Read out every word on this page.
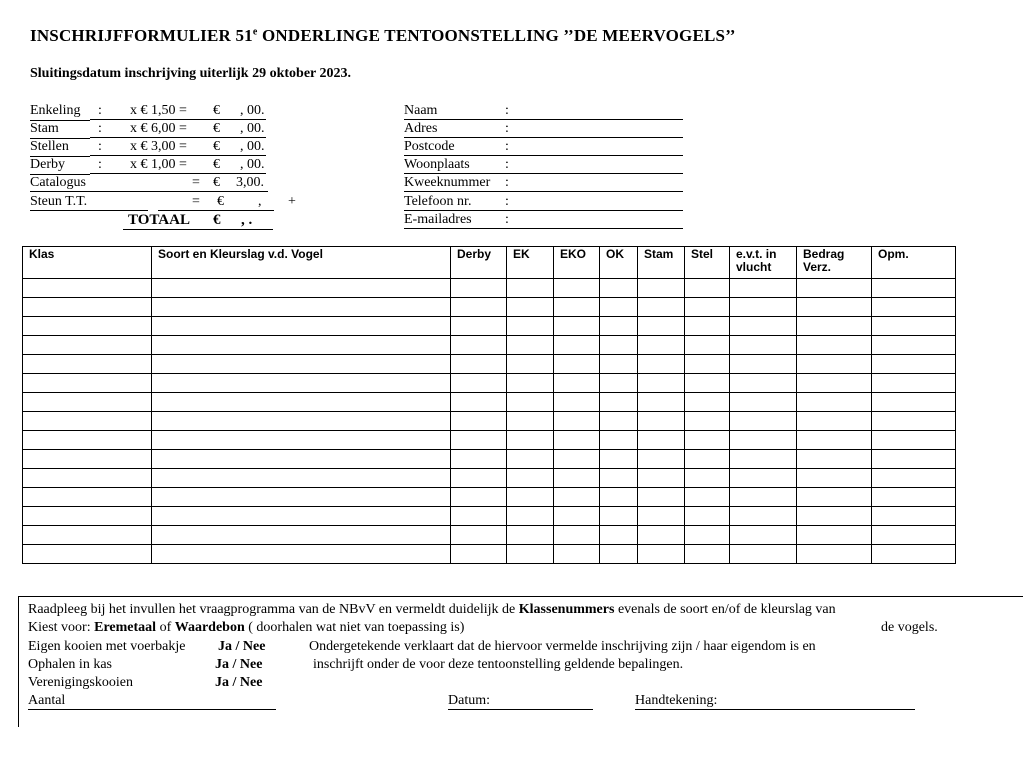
INSCHRIJFFORMULIER 51e ONDERLINGE TENTOONSTELLING ’’DE MEERVOGELS’’
Sluitingsdatum inschrijving uiterlijk 29 oktober 2023.
Enkeling	: x € 1,50 = € , 00.
Stam	: x € 6,00 = € , 00.
Stellen	: x € 3,00 = € , 00.
Derby	: x € 1,00 = € , 00.
Catalogus	= € 3,00.
Steun T.T.	= € , +
TOTAAL € , .
Naam	:
Adres	:
Postcode	:
Woonplaats	:
Kweeknummer :
Telefoon nr. :
E-mailadres :
Klas	Soort en Kleurslag v.d. Vogel	Derby	EK	EKO	OK	Stam	Stel	e.v.t. in vlucht	Bedrag Verz.	Opm.

Raadpleeg bij het invullen het vraagprogramma van de NBvV en vermeldt duidelijk de Klassenummers evenals de soort en/of de kleurslag van
Kiest voor: Eremetaal of Waardebon ( doorhalen wat niet van toepassing is)	de vogels.
Eigen kooien met voerbakje Ja / Nee
Ophalen in kas	Ja / Nee
Verenigingskooien	Ja / Nee
Ondergetekende verklaart dat de hiervoor vermelde inschrijving zijn / haar eigendom is en
inschrijft onder de voor deze tentoonstelling geldende bepalingen.
Aantal	Datum:	Handtekening:
